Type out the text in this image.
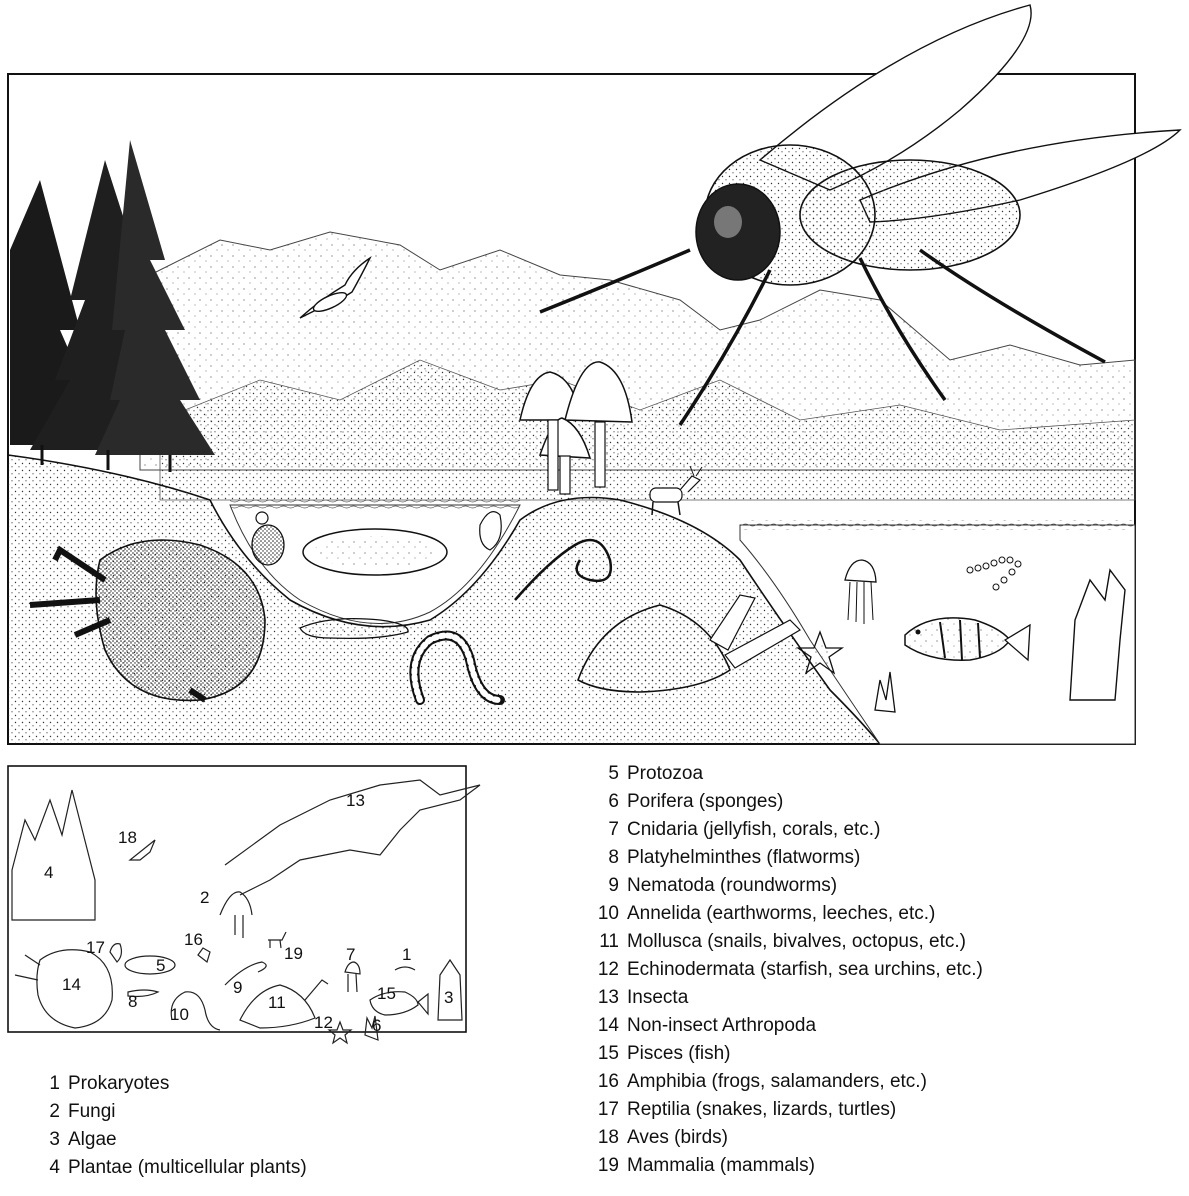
1
2
3
4
5
6
7
8
9
10
11
12
13
14	15
16
17
18
19
1 Prokaryotes
2 Fungi
3 Algae
4 Plantae (multicellular plants)
5 Protozoa
6 Porifera (sponges)
7 Cnidaria (jellyfish, corals, etc.)
8 Platyhelminthes (flatworms)
9 Nematoda (roundworms)
10 Annelida (earthworms, leeches, etc.)
11 Mollusca (snails, bivalves, octopus, etc.)
12 Echinodermata (starfish, sea urchins, etc.)
13 Insecta
14 Non-insect Arthropoda
15 Pisces (fish)
16 Amphibia (frogs, salamanders, etc.)
17 Reptilia (snakes, lizards, turtles)
18 Aves (birds)
19 Mammalia (mammals)
